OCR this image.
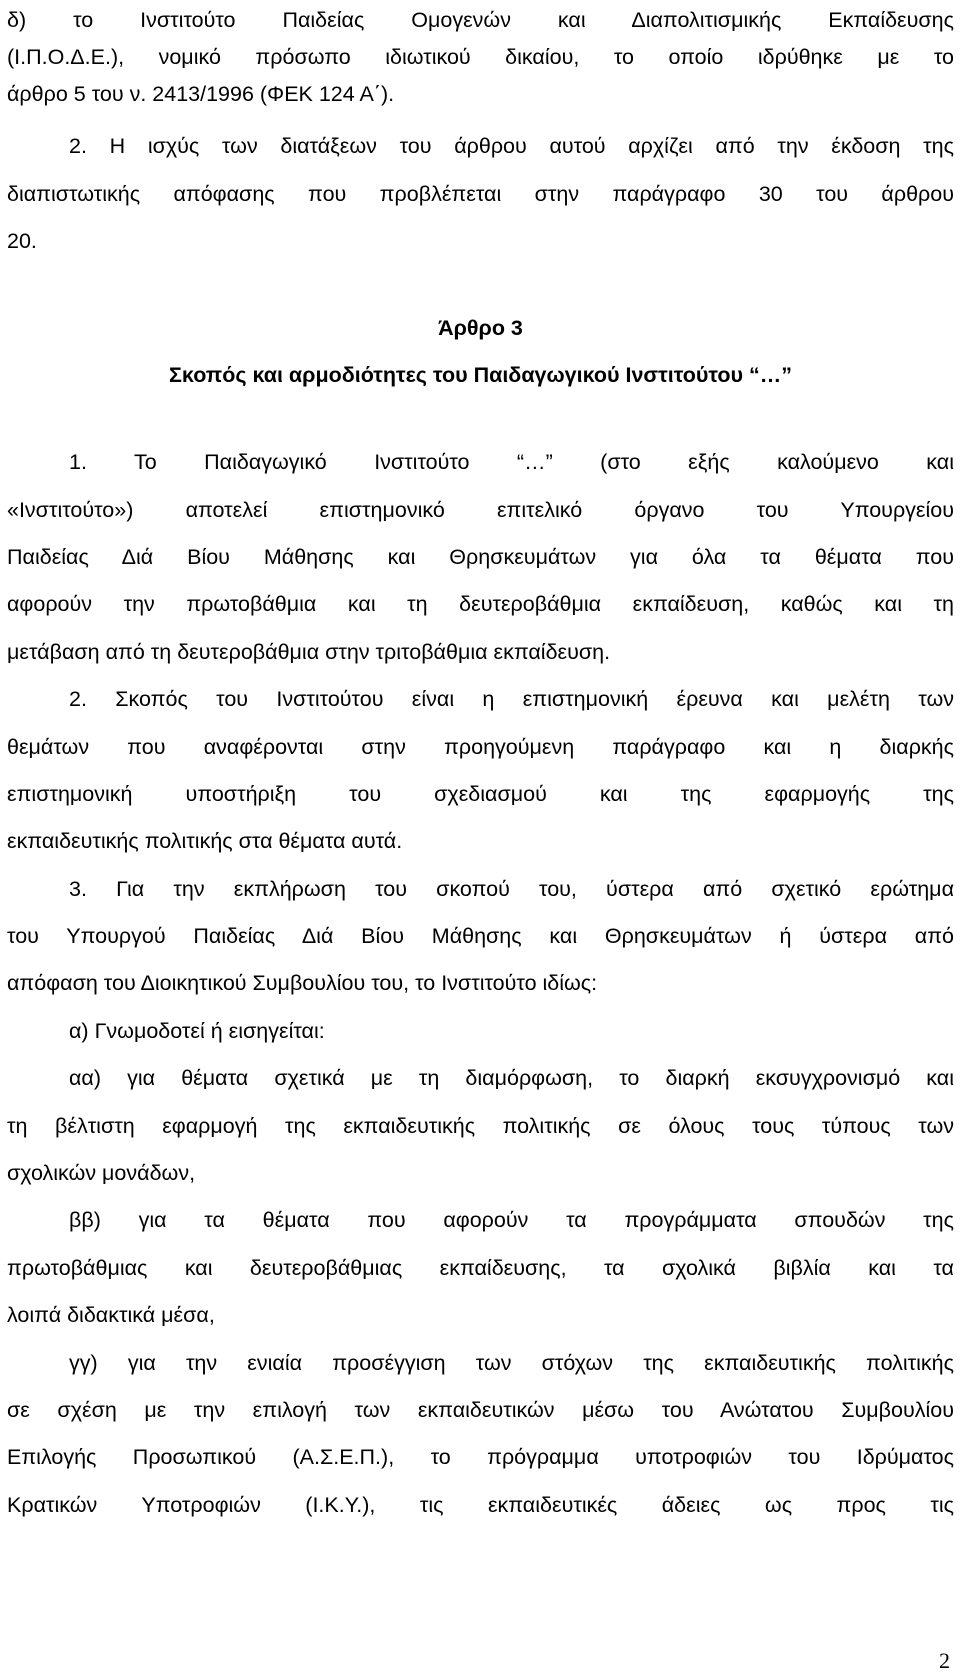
δ) το Ινστιτούτο Παιδείας Ομογενών και Διαπολιτισμικής Εκπαίδευσης
(Ι.Π.Ο.Δ.Ε.), νομικό πρόσωπο ιδιωτικού δικαίου, το οποίο ιδρύθηκε με το
άρθρο 5 του ν. 2413/1996 (ΦΕΚ 124 Α΄).
2. Η ισχύς των διατάξεων του άρθρου αυτού αρχίζει από την έκδοση της
διαπιστωτικής απόφασης που προβλέπεται στην παράγραφο 30 του άρθρου
20.
Άρθρο 3
Σκοπός και αρμοδιότητες του Παιδαγωγικού Ινστιτούτου “…”
1. Το Παιδαγωγικό Ινστιτούτο “…” (στο εξής καλούμενο και
«Ινστιτούτο») αποτελεί επιστημονικό επιτελικό όργανο του Υπουργείου
Παιδείας Διά Βίου Μάθησης και Θρησκευμάτων για όλα τα θέματα που
αφορούν την πρωτοβάθμια και τη δευτεροβάθμια εκπαίδευση, καθώς και τη
μετάβαση από τη δευτεροβάθμια στην τριτοβάθμια εκπαίδευση.
2. Σκοπός του Ινστιτούτου είναι η επιστημονική έρευνα και μελέτη των
θεμάτων που αναφέρονται στην προηγούμενη παράγραφο και η διαρκής
επιστημονική υποστήριξη του σχεδιασμού και της εφαρμογής της
εκπαιδευτικής πολιτικής στα θέματα αυτά.
3. Για την εκπλήρωση του σκοπού του, ύστερα από σχετικό ερώτημα
του Υπουργού Παιδείας Διά Βίου Μάθησης και Θρησκευμάτων ή ύστερα από
απόφαση του Διοικητικού Συμβουλίου του, το Ινστιτούτο ιδίως:
α) Γνωμοδοτεί ή εισηγείται:
αα) για θέματα σχετικά με τη διαμόρφωση, το διαρκή εκσυγχρονισμό και
τη βέλτιστη εφαρμογή της εκπαιδευτικής πολιτικής σε όλους τους τύπους των
σχολικών μονάδων,
ββ) για τα θέματα που αφορούν τα προγράμματα σπουδών της
πρωτοβάθμιας και δευτεροβάθμιας εκπαίδευσης, τα σχολικά βιβλία και τα
λοιπά διδακτικά μέσα,
γγ) για την ενιαία προσέγγιση των στόχων της εκπαιδευτικής πολιτικής
σε σχέση με την επιλογή των εκπαιδευτικών μέσω του Ανώτατου Συμβουλίου
Επιλογής Προσωπικού (Α.Σ.Ε.Π.), το πρόγραμμα υποτροφιών του Ιδρύματος
Κρατικών Υποτροφιών (Ι.Κ.Υ.), τις εκπαιδευτικές άδειες ως προς τις
2
